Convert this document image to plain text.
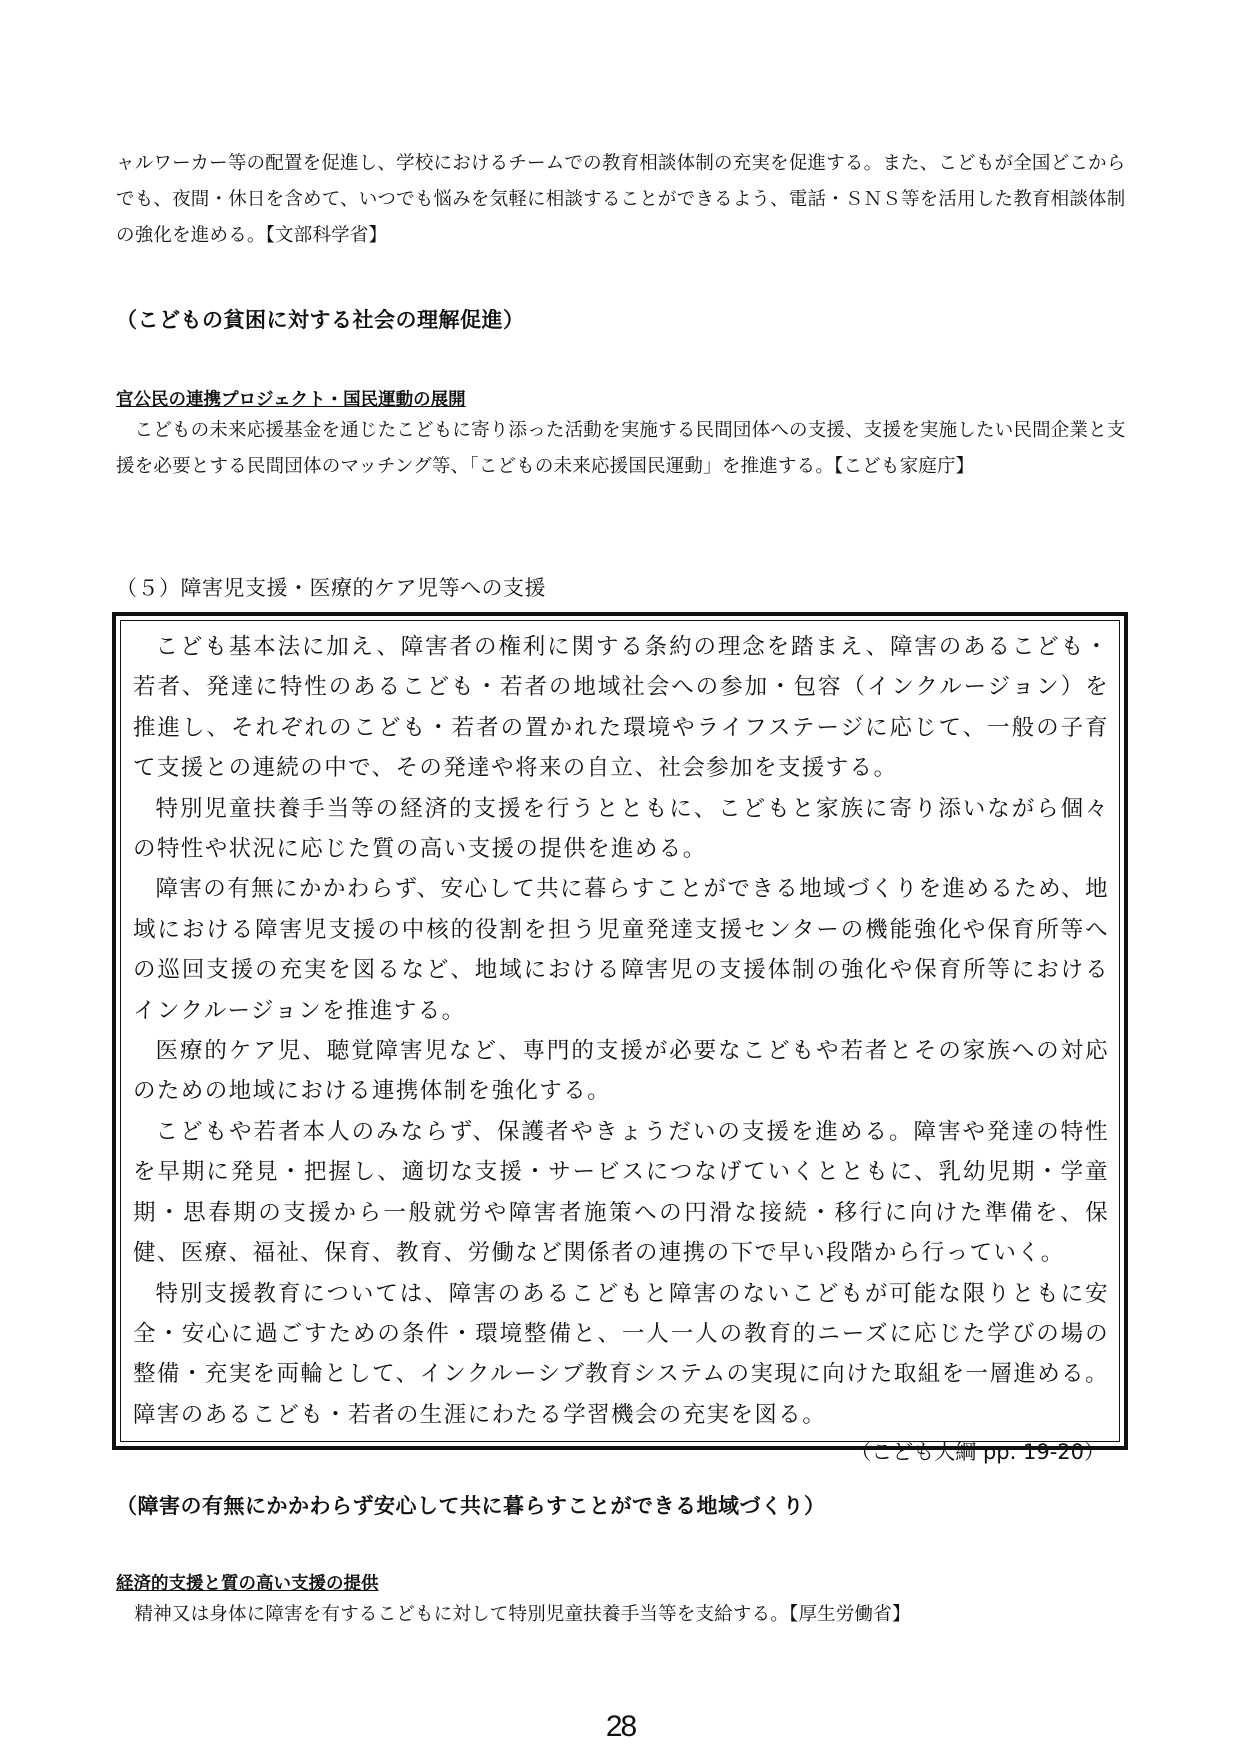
ャルワーカー等の配置を促進し、学校におけるチームでの教育相談体制の充実を促進する。また、こどもが全国どこからでも、夜間・休日を含めて、いつでも悩みを気軽に相談することができるよう、電話・ＳＮＳ等を活用した教育相談体制の強化を進める。【文部科学省】

（こどもの貧困に対する社会の理解促進）

官公民の連携プロジェクト・国民運動の展開

こどもの未来応援基金を通じたこどもに寄り添った活動を実施する民間団体への支援、支援を実施したい民間企業と支援を必要とする民間団体のマッチング等、「こどもの未来応援国民運動」を推進する。【こども家庭庁】

（５）障害児支援・医療的ケア児等への支援

こども基本法に加え、障害者の権利に関する条約の理念を踏まえ、障害のあるこども・若者、発達に特性のあるこども・若者の地域社会への参加・包容（インクルージョン）を推進し、それぞれのこども・若者の置かれた環境やライフステージに応じて、一般の子育て支援との連続の中で、その発達や将来の自立、社会参加を支援する。

特別児童扶養手当等の経済的支援を行うとともに、こどもと家族に寄り添いながら個々の特性や状況に応じた質の高い支援の提供を進める。

障害の有無にかかわらず、安心して共に暮らすことができる地域づくりを進めるため、地域における障害児支援の中核的役割を担う児童発達支援センターの機能強化や保育所等への巡回支援の充実を図るなど、地域における障害児の支援体制の強化や保育所等におけるインクルージョンを推進する。

医療的ケア児、聴覚障害児など、専門的支援が必要なこどもや若者とその家族への対応のための地域における連携体制を強化する。

こどもや若者本人のみならず、保護者やきょうだいの支援を進める。障害や発達の特性を早期に発見・把握し、適切な支援・サービスにつなげていくとともに、乳幼児期・学童期・思春期の支援から一般就労や障害者施策への円滑な接続・移行に向けた準備を、保健、医療、福祉、保育、教育、労働など関係者の連携の下で早い段階から行っていく。

特別支援教育については、障害のあるこどもと障害のないこどもが可能な限りともに安全・安心に過ごすための条件・環境整備と、一人一人の教育的ニーズに応じた学びの場の整備・充実を両輪として、インクルーシブ教育システムの実現に向けた取組を一層進める。障害のあるこども・若者の生涯にわたる学習機会の充実を図る。

（こども大綱 pp. 19-20）

（障害の有無にかかわらず安心して共に暮らすことができる地域づくり）

経済的支援と質の高い支援の提供

精神又は身体に障害を有するこどもに対して特別児童扶養手当等を支給する。【厚生労働省】

28
